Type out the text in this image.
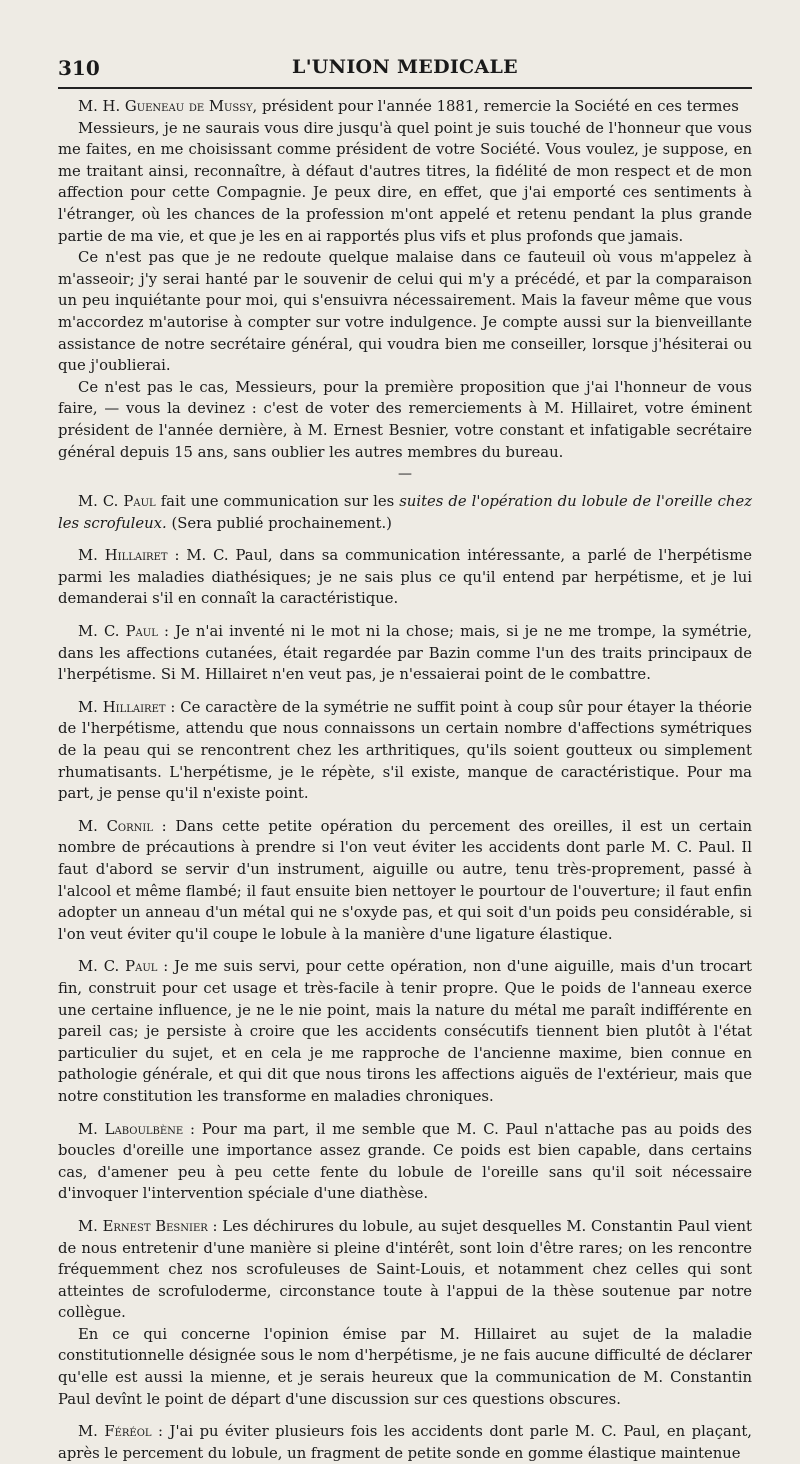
310	L'UNION MEDICALE

M. H. Gueneau de Mussy, président pour l'année 1881, remercie la Société en ces termes

Messieurs, je ne saurais vous dire jusqu'à quel point je suis touché de l'honneur que vous me faites, en me choisissant comme président de votre Société. Vous voulez, je suppose, en me traitant ainsi, reconnaître, à défaut d'autres titres, la fidélité de mon respect et de mon affection pour cette Compagnie. Je peux dire, en effet, que j'ai emporté ces sentiments à l'étranger, où les chances de la profession m'ont appelé et retenu pendant la plus grande partie de ma vie, et que je les en ai rapportés plus vifs et plus profonds que jamais.

Ce n'est pas que je ne redoute quelque malaise dans ce fauteuil où vous m'appelez à m'asseoir; j'y serai hanté par le souvenir de celui qui m'y a précédé, et par la comparaison un peu inquiétante pour moi, qui s'ensuivra nécessairement. Mais la faveur même que vous m'accordez m'autorise à compter sur votre indulgence. Je compte aussi sur la bienveillante assistance de notre secrétaire général, qui voudra bien me conseiller, lorsque j'hésiterai ou que j'oublierai.

Ce n'est pas le cas, Messieurs, pour la première proposition que j'ai l'honneur de vous faire, — vous la devinez : c'est de voter des remerciements à M. Hillairet, votre éminent président de l'année dernière, à M. Ernest Besnier, votre constant et infatigable secrétaire général depuis 15 ans, sans oublier les autres membres du bureau.

—

M. C. Paul fait une communication sur les suites de l'opération du lobule de l'oreille chez les scrofuleux. (Sera publié prochainement.)

M. Hillairet : M. C. Paul, dans sa communication intéressante, a parlé de l'herpétisme parmi les maladies diathésiques; je ne sais plus ce qu'il entend par herpétisme, et je lui demanderai s'il en connaît la caractéristique.

M. C. Paul : Je n'ai inventé ni le mot ni la chose; mais, si je ne me trompe, la symétrie, dans les affections cutanées, était regardée par Bazin comme l'un des traits principaux de l'herpétisme. Si M. Hillairet n'en veut pas, je n'essaierai point de le combattre.

M. Hillairet : Ce caractère de la symétrie ne suffit point à coup sûr pour étayer la théorie de l'herpétisme, attendu que nous connaissons un certain nombre d'affections symétriques de la peau qui se rencontrent chez les arthritiques, qu'ils soient goutteux ou simplement rhumatisants. L'herpétisme, je le répète, s'il existe, manque de caractéristique. Pour ma part, je pense qu'il n'existe point.

M. Cornil : Dans cette petite opération du percement des oreilles, il est un certain nombre de précautions à prendre si l'on veut éviter les accidents dont parle M. C. Paul. Il faut d'abord se servir d'un instrument, aiguille ou autre, tenu très-proprement, passé à l'alcool et même flambé; il faut ensuite bien nettoyer le pourtour de l'ouverture; il faut enfin adopter un anneau d'un métal qui ne s'oxyde pas, et qui soit d'un poids peu considérable, si l'on veut éviter qu'il coupe le lobule à la manière d'une ligature élastique.

M. C. Paul : Je me suis servi, pour cette opération, non d'une aiguille, mais d'un trocart fin, construit pour cet usage et très-facile à tenir propre. Que le poids de l'anneau exerce une certaine influence, je ne le nie point, mais la nature du métal me paraît indifférente en pareil cas; je persiste à croire que les accidents consécutifs tiennent bien plutôt à l'état particulier du sujet, et en cela je me rapproche de l'ancienne maxime, bien connue en pathologie générale, et qui dit que nous tirons les affections aiguës de l'extérieur, mais que notre constitution les transforme en maladies chroniques.

M. Laboulbène : Pour ma part, il me semble que M. C. Paul n'attache pas au poids des boucles d'oreille une importance assez grande. Ce poids est bien capable, dans certains cas, d'amener peu à peu cette fente du lobule de l'oreille sans qu'il soit nécessaire d'invoquer l'intervention spéciale d'une diathèse.

M. Ernest Besnier : Les déchirures du lobule, au sujet desquelles M. Constantin Paul vient de nous entretenir d'une manière si pleine d'intérêt, sont loin d'être rares; on les rencontre fréquemment chez nos scrofuleuses de Saint-Louis, et notamment chez celles qui sont atteintes de scrofuloderme, circonstance toute à l'appui de la thèse soutenue par notre collègue.

En ce qui concerne l'opinion émise par M. Hillairet au sujet de la maladie constitutionnelle désignée sous le nom d'herpétisme, je ne fais aucune difficulté de déclarer qu'elle est aussi la mienne, et je serais heureux que la communication de M. Constantin Paul devînt le point de départ d'une discussion sur ces questions obscures.

M. Féréol : J'ai pu éviter plusieurs fois les accidents dont parle M. C. Paul, en plaçant, après le percement du lobule, un fragment de petite sonde en gomme élastique maintenue
